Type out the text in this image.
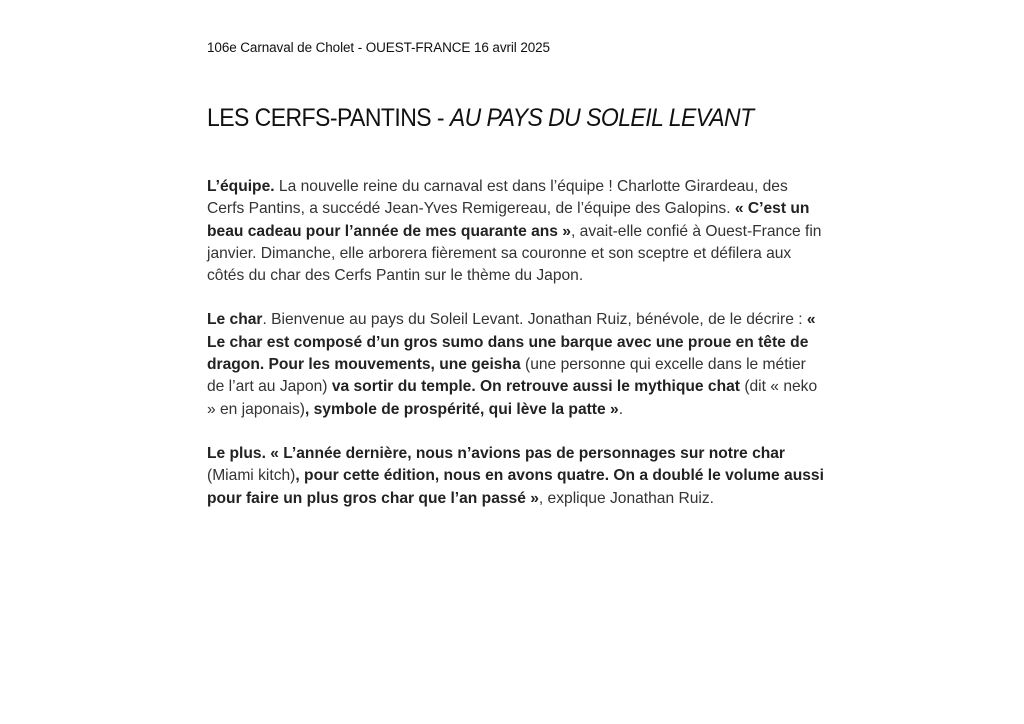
106e Carnaval de Cholet - OUEST-FRANCE 16 avril 2025
LES CERFS-PANTINS - AU PAYS DU SOLEIL LEVANT

L’équipe. La nouvelle reine du carnaval est dans l’équipe ! Charlotte Girardeau, des Cerfs Pantins, a succédé Jean-Yves Remigereau, de l’équipe des Galopins. « C’est un beau cadeau pour l’année de mes quarante ans », avait-elle confié à Ouest-France fin janvier. Dimanche, elle arborera fièrement sa couronne et son sceptre et défilera aux côtés du char des Cerfs Pantin sur le thème du Japon.

Le char. Bienvenue au pays du Soleil Levant. Jonathan Ruiz, bénévole, de le décrire : « Le char est composé d’un gros sumo dans une barque avec une proue en tête de dragon. Pour les mouvements, une geisha (une personne qui excelle dans le métier de l’art au Japon) va sortir du temple. On retrouve aussi le mythique chat (dit « neko » en japonais), symbole de prospérité, qui lève la patte ».

Le plus. « L’année dernière, nous n’avions pas de personnages sur notre char (Miami kitch), pour cette édition, nous en avons quatre. On a doublé le volume aussi pour faire un plus gros char que l’an passé », explique Jonathan Ruiz.
